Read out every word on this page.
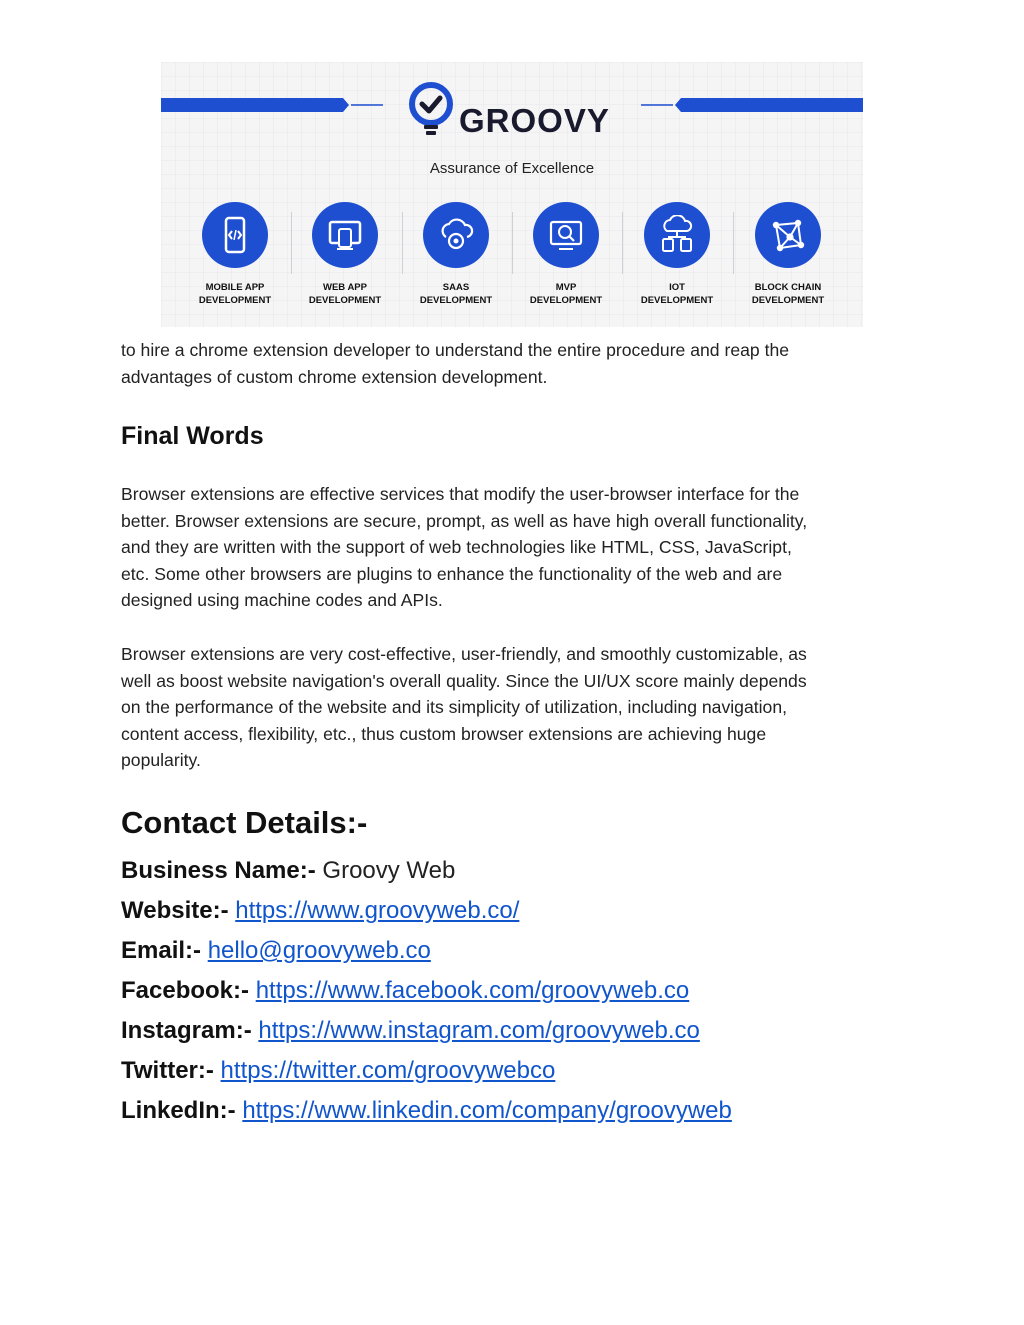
GROOVY
Assurance of Excellence
MOBILE APP
DEVELOPMENT
WEB APP
DEVELOPMENT
SAAS
DEVELOPMENT
MVP
DEVELOPMENT
IOT
DEVELOPMENT
BLOCK CHAIN
DEVELOPMENT

to hire a chrome extension developer to understand the entire procedure and reap the
advantages of custom chrome extension development.

Final Words

Browser extensions are effective services that modify the user-browser interface for the
better. Browser extensions are secure, prompt, as well as have high overall functionality,
and they are written with the support of web technologies like HTML, CSS, JavaScript,
etc. Some other browsers are plugins to enhance the functionality of the web and are
designed using machine codes and APIs.

Browser extensions are very cost-effective, user-friendly, and smoothly customizable, as
well as boost website navigation's overall quality. Since the UI/UX score mainly depends
on the performance of the website and its simplicity of utilization, including navigation,
content access, flexibility, etc., thus custom browser extensions are achieving huge
popularity.

Contact Details:-

Business Name:- Groovy Web

Website:- https://www.groovyweb.co/

Email:- hello@groovyweb.co

Facebook:- https://www.facebook.com/groovyweb.co

Instagram:- https://www.instagram.com/groovyweb.co

Twitter:- https://twitter.com/groovywebco

LinkedIn:- https://www.linkedin.com/company/groovyweb
